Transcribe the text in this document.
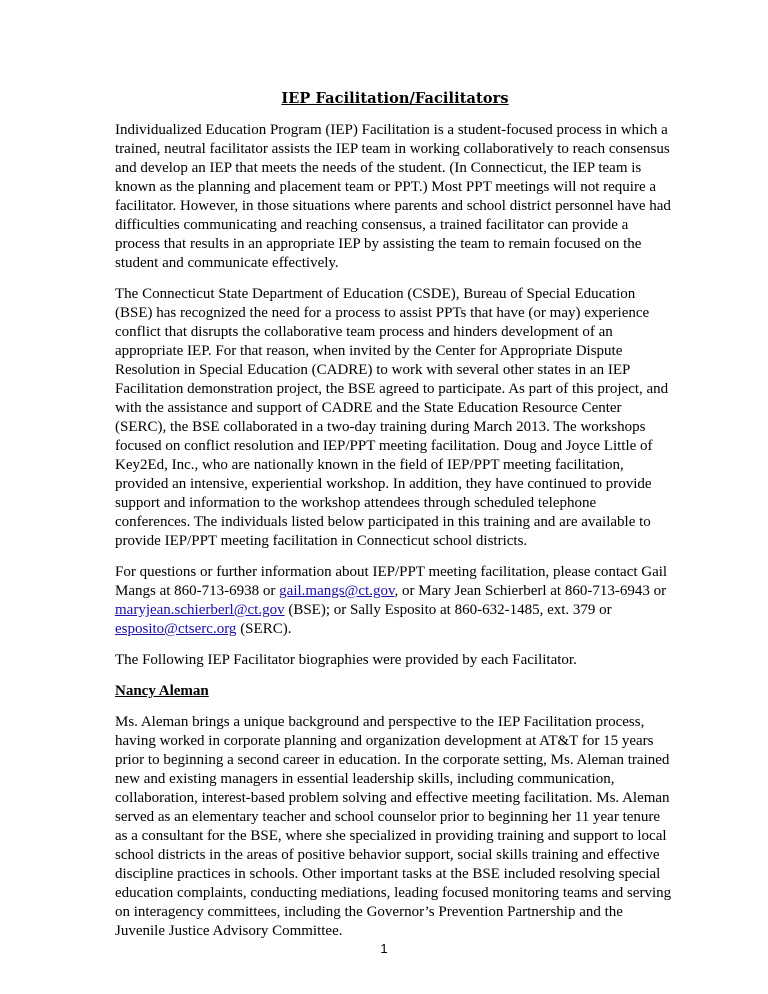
IEP Facilitation/Facilitators

Individualized Education Program (IEP) Facilitation is a student-focused process in which a trained, neutral facilitator assists the IEP team in working collaboratively to reach consensus and develop an IEP that meets the needs of the student. (In Connecticut, the IEP team is known as the planning and placement team or PPT.) Most PPT meetings will not require a facilitator. However, in those situations where parents and school district personnel have had difficulties communicating and reaching consensus, a trained facilitator can provide a process that results in an appropriate IEP by assisting the team to remain focused on the student and communicate effectively.

The Connecticut State Department of Education (CSDE), Bureau of Special Education (BSE) has recognized the need for a process to assist PPTs that have (or may) experience conflict that disrupts the collaborative team process and hinders development of an appropriate IEP. For that reason, when invited by the Center for Appropriate Dispute Resolution in Special Education (CADRE) to work with several other states in an IEP Facilitation demonstration project, the BSE agreed to participate. As part of this project, and with the assistance and support of CADRE and the State Education Resource Center (SERC), the BSE collaborated in a two-day training during March 2013. The workshops focused on conflict resolution and IEP/PPT meeting facilitation. Doug and Joyce Little of Key2Ed, Inc., who are nationally known in the field of IEP/PPT meeting facilitation, provided an intensive, experiential workshop. In addition, they have continued to provide support and information to the workshop attendees through scheduled telephone conferences. The individuals listed below participated in this training and are available to provide IEP/PPT meeting facilitation in Connecticut school districts.

For questions or further information about IEP/PPT meeting facilitation, please contact Gail Mangs at 860-713-6938 or gail.mangs@ct.gov, or Mary Jean Schierberl at 860-713-6943 or maryjean.schierberl@ct.gov (BSE); or Sally Esposito at 860-632-1485, ext. 379 or esposito@ctserc.org (SERC).

The Following IEP Facilitator biographies were provided by each Facilitator.

Nancy Aleman

Ms. Aleman brings a unique background and perspective to the IEP Facilitation process, having worked in corporate planning and organization development at AT&T for 15 years prior to beginning a second career in education. In the corporate setting, Ms. Aleman trained new and existing managers in essential leadership skills, including communication, collaboration, interest-based problem solving and effective meeting facilitation. Ms. Aleman served as an elementary teacher and school counselor prior to beginning her 11 year tenure as a consultant for the BSE, where she specialized in providing training and support to local school districts in the areas of positive behavior support, social skills training and effective discipline practices in schools. Other important tasks at the BSE included resolving special education complaints, conducting mediations, leading focused monitoring teams and serving on interagency committees, including the Governor’s Prevention Partnership and the Juvenile Justice Advisory Committee.

1
